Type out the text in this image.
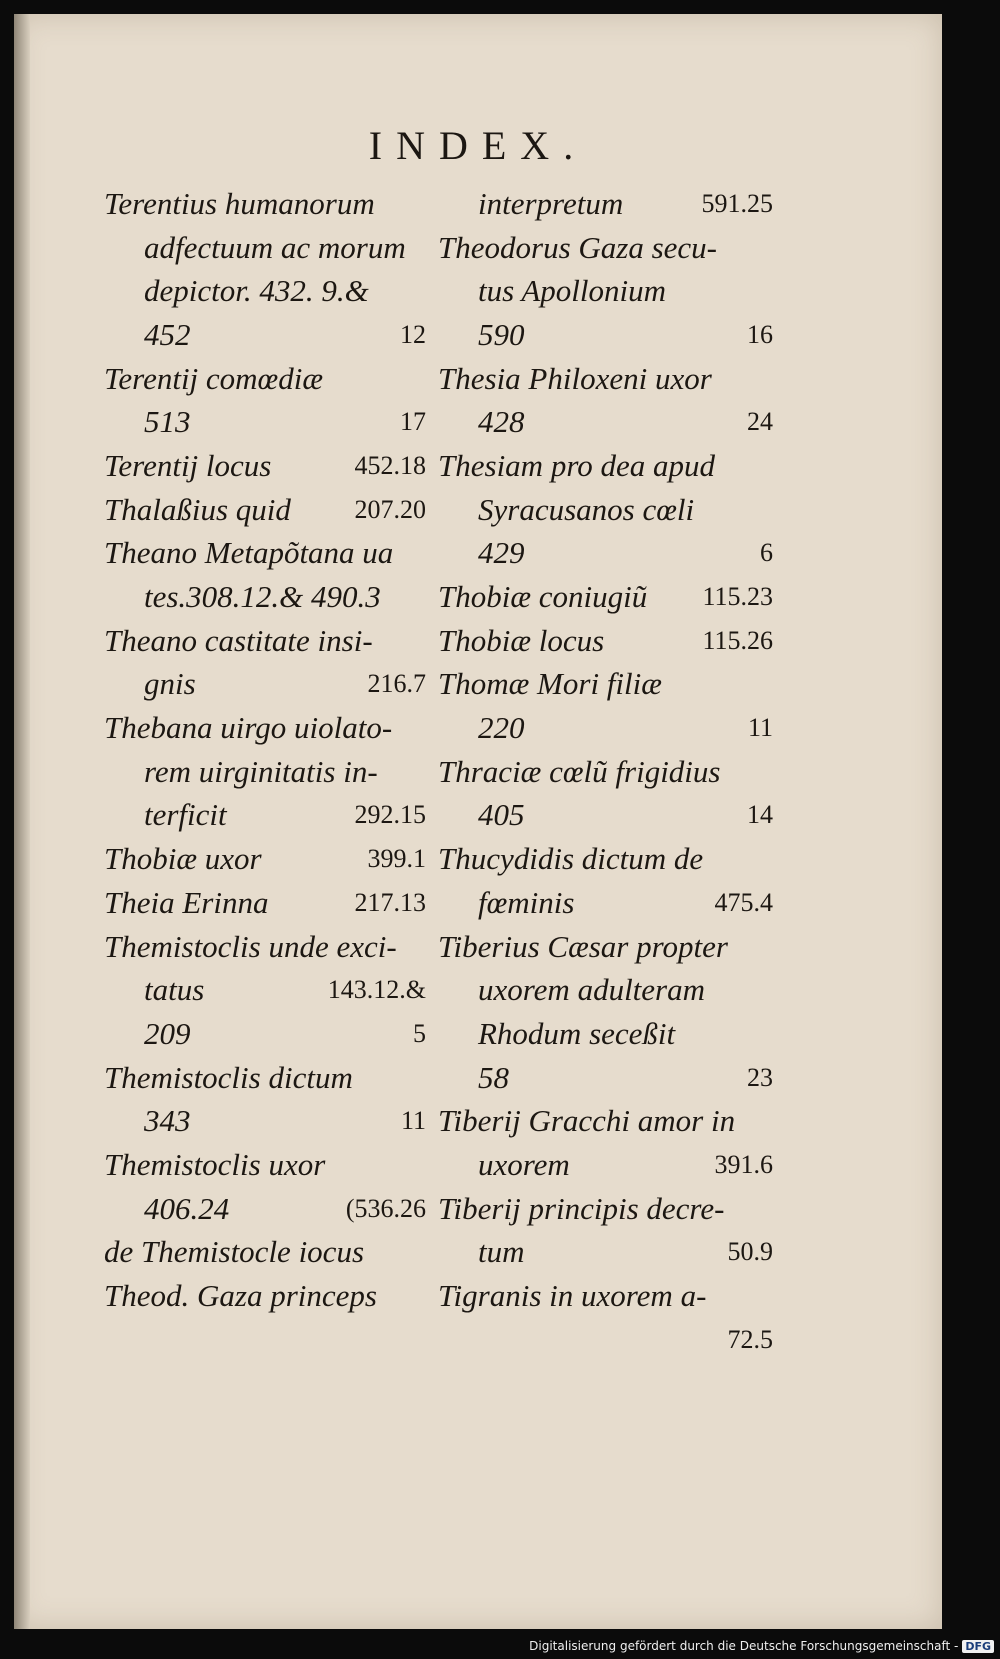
INDEX.
Terentius humanorum
adfectuum ac morum
depictor. 432. 9.&
452	12
Terentij comœdiæ
513	17
Terentij locus	452.18
Thalaßius quid 207.20
Theano Metapõtana ua
tes.308.12.& 490.3
Theano castitate insi-
gnis	216.7
Thebana uirgo uiolato-
rem uirginitatis in-
terficit	292.15
Thobiæ uxor	399.1
Theia Erinna	217.13
Themistoclis unde exci-
tatus	143.12.&
209	5
Themistoclis dictum
343	11
Themistoclis uxor
406.24	(536.26
de Themistocle iocus
Theod. Gaza princeps
interpretum	591.25
Theodorus Gaza secu-
tus Apollonium
590	16
Thesia Philoxeni uxor
428	24
Thesiam pro dea apud
Syracusanos cœli
429	6
Thobiæ coniugiũ 115.23
Thobiæ locus	115.26
Thomæ Mori filiæ
220	11
Thraciæ cœlũ frigidius
405	14
Thucydidis dictum de
fœminis	475.4
Tiberius Cæsar propter
uxorem adulteram
Rhodum seceßit
58	23
Tiberij Gracchi amor in
uxorem	391.6
Tiberij principis decre-
tum	50.9
Tigranis in uxorem a-
72.5
Digitalisierung gefördert durch die Deutsche Forschungsgemeinschaft - DFG
